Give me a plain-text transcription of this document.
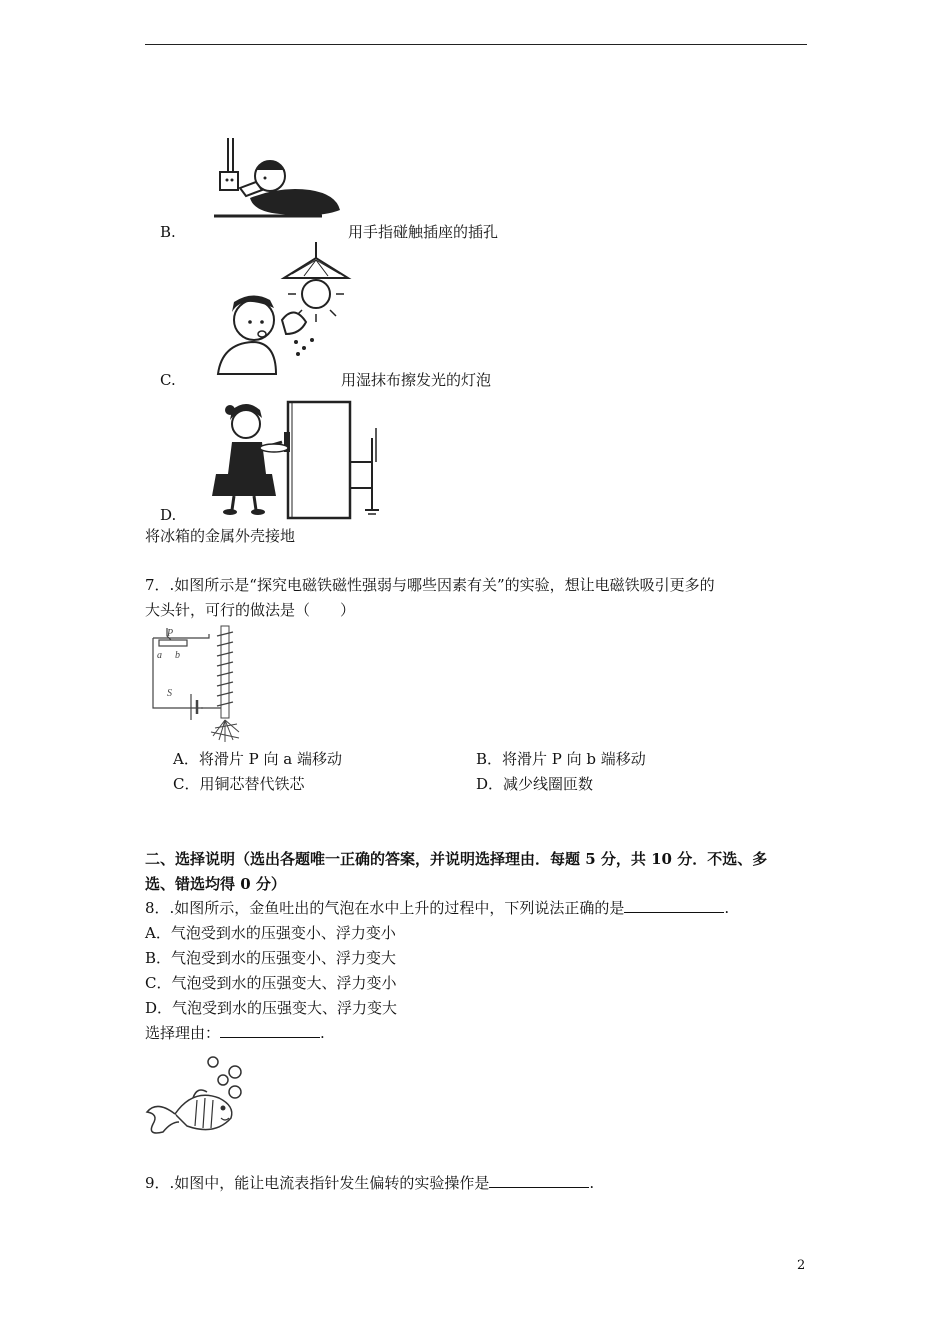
B.	用手指碰触插座的插孔
C.	用湿抹布擦发光的灯泡
D.
将冰箱的金属外壳接地
7．.如图所示是“探究电磁铁磁性强弱与哪些因素有关”的实验，想让电磁铁吸引更多的
大头针，可行的做法是（　　）
P
a b
S
A．将滑片 P 向 a 端移动	B．将滑片 P 向 b 端移动
C．用铜芯替代铁芯	D．减少线圈匝数
二、选择说明（选出各题唯一正确的答案，并说明选择理由．每题 5 分，共 10 分．不选、多
选、错选均得 0 分）
8．.如图所示，金鱼吐出的气泡在水中上升的过程中，下列说法正确的是	.
A．气泡受到水的压强变小、浮力变小
B．气泡受到水的压强变小、浮力变大
C．气泡受到水的压强变大、浮力变小
D．气泡受到水的压强变大、浮力变大
选择理由：	.
9．.如图中，能让电流表指针发生偏转的实验操作是	.
2
